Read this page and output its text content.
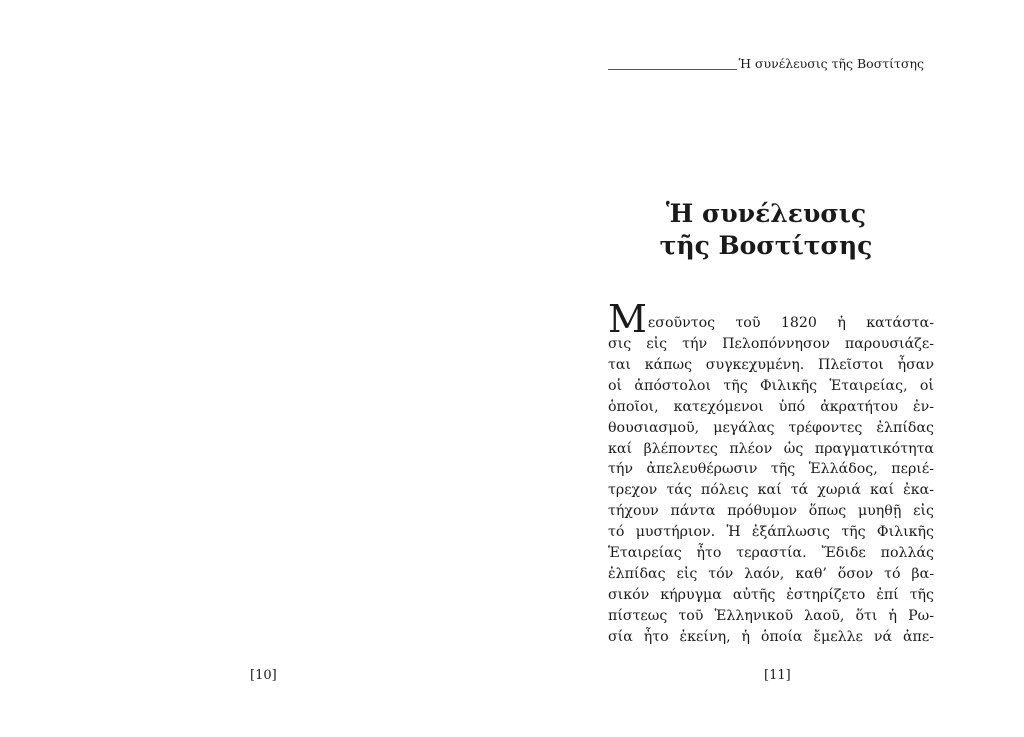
[10]
Ἡ συνέλευσις τῆς Βοστίτσης
Ἡ συνέλευσις
τῆς Βοστίτσης
Μεσοῦντος τοῦ 1820 ἡ κατάστα-
σις εἰς τήν Πελοπόννησον παρουσιάζε-
ται κάπως συγκεχυμένη. Πλεῖστοι ἦσαν
οἱ ἀπόστολοι τῆς Φιλικῆς Ἑταιρείας, οἱ
ὁποῖοι, κατεχόμενοι ὑπό ἀκρατήτου ἐν-
θουσιασμοῦ, μεγάλας τρέφοντες ἐλπίδας
καί βλέποντες πλέον ὡς πραγματικότητα
τήν ἀπελευθέρωσιν τῆς Ἑλλάδος, περιέ-
τρεχον τάς πόλεις καί τά χωριά καί ἐκα-
τήχουν πάντα πρόθυμον ὅπως μυηθῇ εἰς
τό μυστήριον. Ἡ ἐξάπλωσις τῆς Φιλικῆς
Ἑταιρείας ἦτο τεραστία. Ἔδιδε πολλάς
ἐλπίδας εἰς τόν λαόν, καθ’ ὅσον τό βα-
σικόν κήρυγμα αὐτῆς ἐστηρίζετο ἐπί τῆς
πίστεως τοῦ Ἑλληνικοῦ λαοῦ, ὅτι ἡ Ρω-
σία ἦτο ἐκείνη, ἡ ὁποία ἔμελλε νά ἀπε-
[11]
